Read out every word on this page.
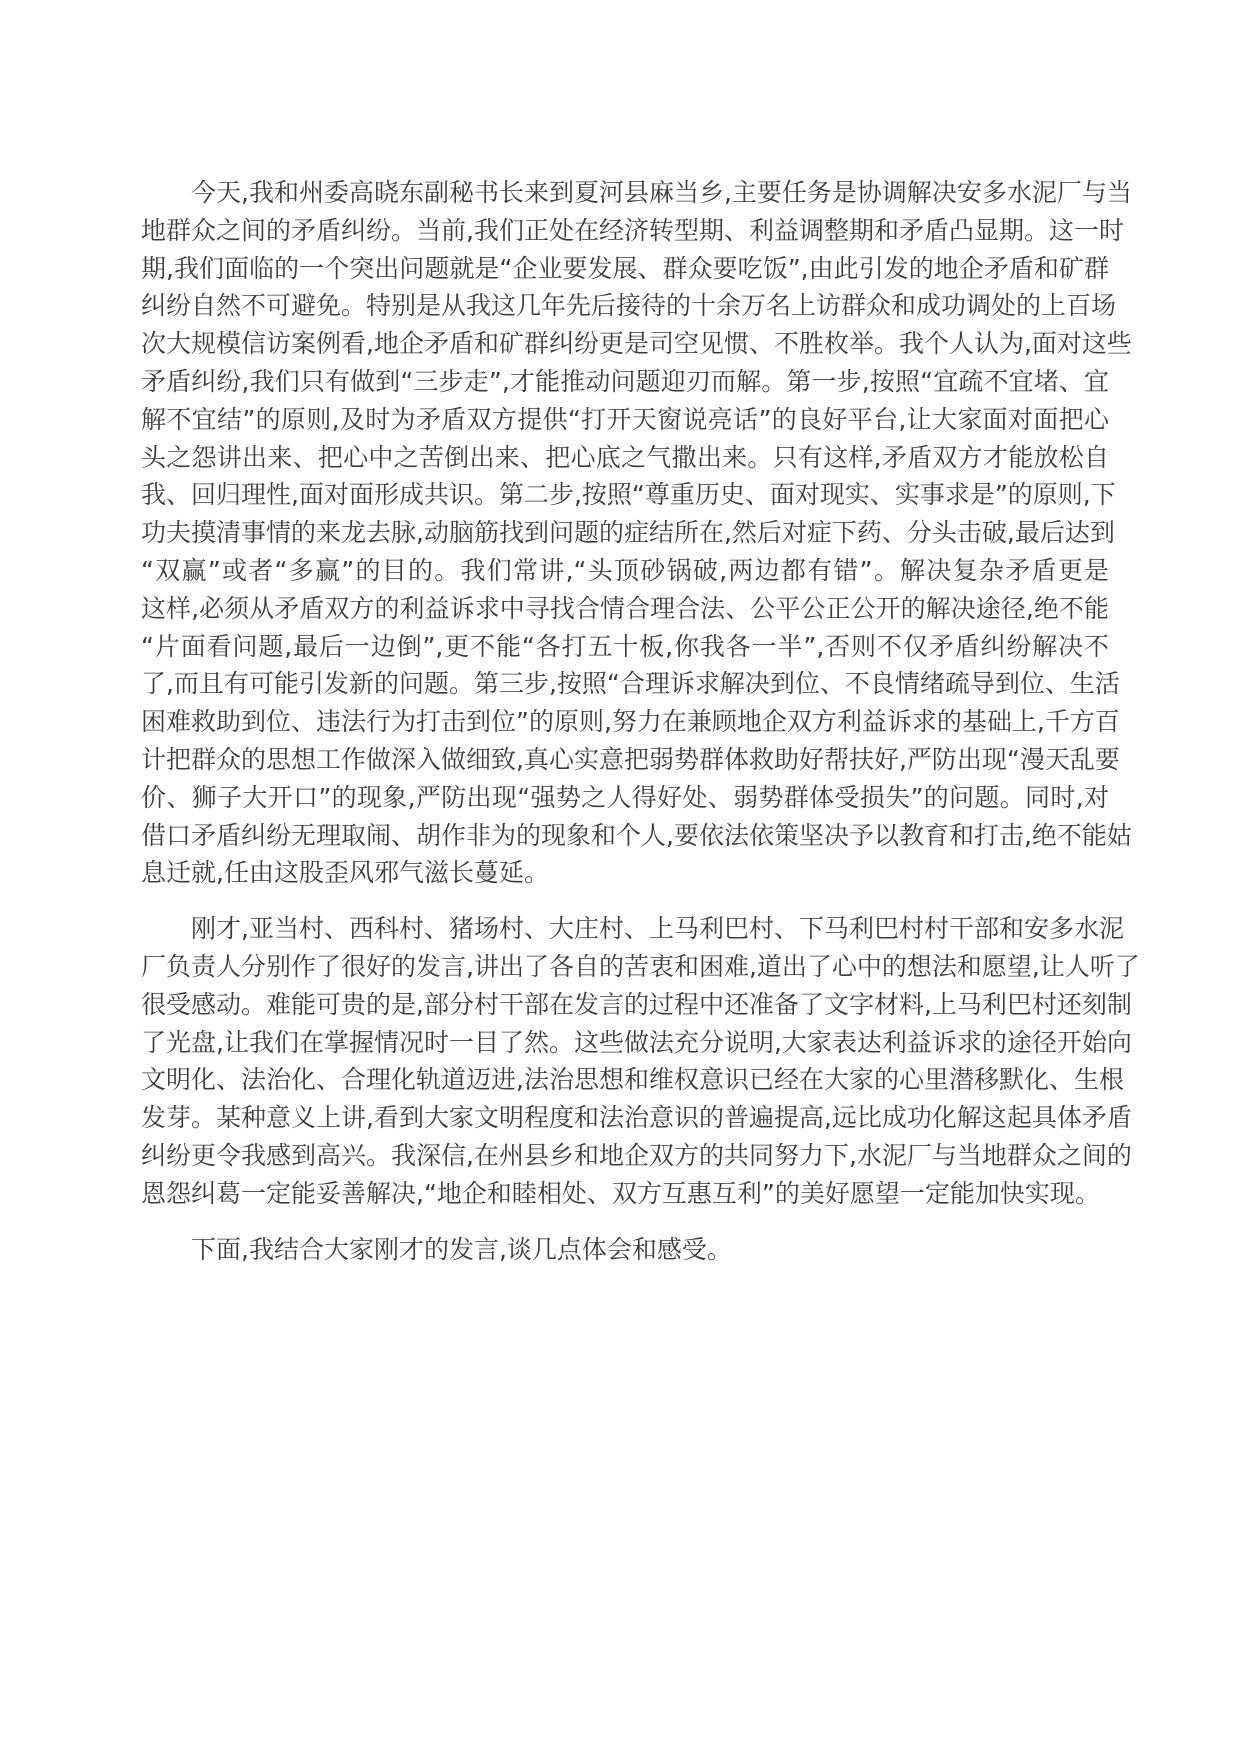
　　今天,我和州委高晓东副秘书长来到夏河县麻当乡,主要任务是协调解决安多水泥厂与当
地群众之间的矛盾纠纷。当前,我们正处在经济转型期、利益调整期和矛盾凸显期。这一时
期,我们面临的一个突出问题就是“企业要发展、群众要吃饭”,由此引发的地企矛盾和矿群
纠纷自然不可避免。特别是从我这几年先后接待的十余万名上访群众和成功调处的上百场
次大规模信访案例看,地企矛盾和矿群纠纷更是司空见惯、不胜枚举。我个人认为,面对这些
矛盾纠纷,我们只有做到“三步走”,才能推动问题迎刃而解。第一步,按照“宜疏不宜堵、宜
解不宜结”的原则,及时为矛盾双方提供“打开天窗说亮话”的良好平台,让大家面对面把心
头之怨讲出来、把心中之苦倒出来、把心底之气撒出来。只有这样,矛盾双方才能放松自
我、回归理性,面对面形成共识。第二步,按照“尊重历史、面对现实、实事求是”的原则,下
功夫摸清事情的来龙去脉,动脑筋找到问题的症结所在,然后对症下药、分头击破,最后达到
“双赢”或者“多赢”的目的。我们常讲,“头顶砂锅破,两边都有错”。解决复杂矛盾更是
这样,必须从矛盾双方的利益诉求中寻找合情合理合法、公平公正公开的解决途径,绝不能
“片面看问题,最后一边倒”,更不能“各打五十板,你我各一半”,否则不仅矛盾纠纷解决不
了,而且有可能引发新的问题。第三步,按照“合理诉求解决到位、不良情绪疏导到位、生活
困难救助到位、违法行为打击到位”的原则,努力在兼顾地企双方利益诉求的基础上,千方百
计把群众的思想工作做深入做细致,真心实意把弱势群体救助好帮扶好,严防出现“漫天乱要
价、狮子大开口”的现象,严防出现“强势之人得好处、弱势群体受损失”的问题。同时,对
借口矛盾纠纷无理取闹、胡作非为的现象和个人,要依法依策坚决予以教育和打击,绝不能姑
息迁就,任由这股歪风邪气滋长蔓延。
　　刚才,亚当村、西科村、猪场村、大庄村、上马利巴村、下马利巴村村干部和安多水泥
厂负责人分别作了很好的发言,讲出了各自的苦衷和困难,道出了心中的想法和愿望,让人听了
很受感动。难能可贵的是,部分村干部在发言的过程中还准备了文字材料,上马利巴村还刻制
了光盘,让我们在掌握情况时一目了然。这些做法充分说明,大家表达利益诉求的途径开始向
文明化、法治化、合理化轨道迈进,法治思想和维权意识已经在大家的心里潜移默化、生根
发芽。某种意义上讲,看到大家文明程度和法治意识的普遍提高,远比成功化解这起具体矛盾
纠纷更令我感到高兴。我深信,在州县乡和地企双方的共同努力下,水泥厂与当地群众之间的
恩怨纠葛一定能妥善解决,“地企和睦相处、双方互惠互利”的美好愿望一定能加快实现。
　　下面,我结合大家刚才的发言,谈几点体会和感受。
